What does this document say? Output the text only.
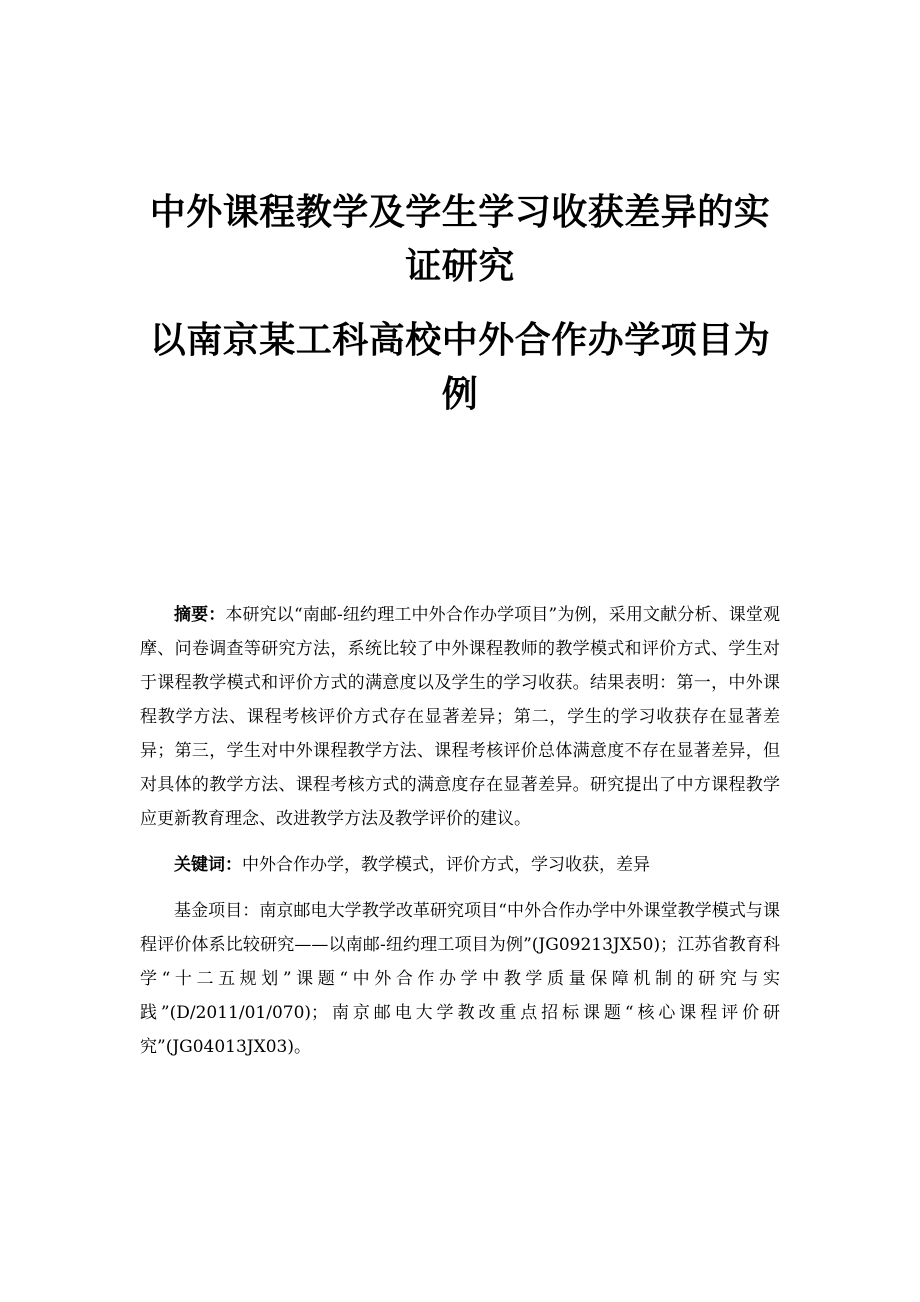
中外课程教学及学生学习收获差异的实

证研究

以南京某工科高校中外合作办学项目为

例

摘要：本研究以“南邮-纽约理工中外合作办学项目”为例，采用文献分析、课堂观摩、问卷调查等研究方法，系统比较了中外课程教师的教学模式和评价方式、学生对于课程教学模式和评价方式的满意度以及学生的学习收获。结果表明：第一，中外课程教学方法、课程考核评价方式存在显著差异；第二，学生的学习收获存在显著差异；第三，学生对中外课程教学方法、课程考核评价总体满意度不存在显著差异，但对具体的教学方法、课程考核方式的满意度存在显著差异。研究提出了中方课程教学应更新教育理念、改进教学方法及教学评价的建议。

关键词：中外合作办学，教学模式，评价方式，学习收获，差异

基金项目：南京邮电大学教学改革研究项目“中外合作办学中外课堂教学模式与课程评价体系比较研究——以南邮-纽约理工项目为例”(JG09213JX50)；江苏省教育科学“十二五规划”课题“中外合作办学中教学质量保障机制的研究与实践”(D/2011/01/070)；南京邮电大学教改重点招标课题“核心课程评价研究”(JG04013JX03)。
